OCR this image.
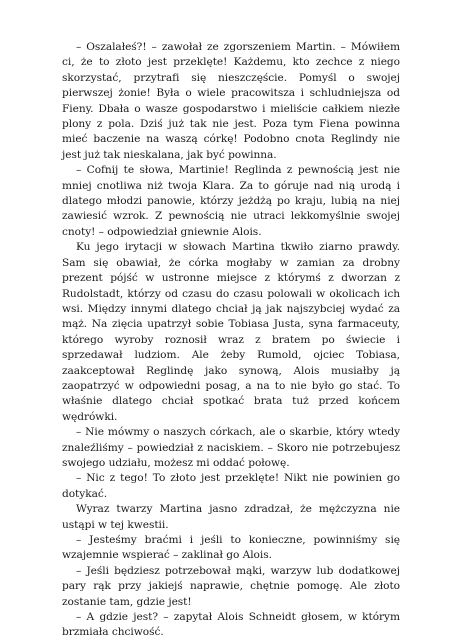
– Oszalałeś?! – zawołał ze zgorszeniem Martin. – Mówiłem ci, że to złoto jest przeklęte! Każdemu, kto zechce z niego skorzystać, przytrafi się nieszczęście. Pomyśl o swojej pierwszej żonie! Była o wiele pracowitsza i schludniejsza od Fieny. Dbała o wasze gospodarstwo i mieliście całkiem niezłe plony z pola. Dziś już tak nie jest. Poza tym Fiena powinna mieć baczenie na waszą córkę! Podobno cnota Reglindy nie jest już tak nieskalana, jak być powinna.

– Cofnij te słowa, Martinie! Reglinda z pewnością jest nie mniej cnotliwa niż twoja Klara. Za to góruje nad nią urodą i dlatego młodzi panowie, którzy jeżdżą po kraju, lubią na niej zawiesić wzrok. Z pewnością nie utraci lekkomyślnie swojej cnoty! – odpowiedział gniewnie Alois.

Ku jego irytacji w słowach Martina tkwiło ziarno prawdy. Sam się obawiał, że córka mogłaby w zamian za drobny prezent pójść w ustronne miejsce z którymś z dworzan z Rudolstadt, którzy od czasu do czasu polowali w okolicach ich wsi. Między innymi dlatego chciał ją jak najszybciej wydać za mąż. Na zięcia upatrzył sobie Tobiasa Justa, syna farmaceuty, którego wyroby roznosił wraz z bratem po świecie i sprzedawał ludziom. Ale żeby Rumold, ojciec Tobiasa, zaakceptował Reglindę jako synową, Alois musiałby ją zaopatrzyć w odpowiedni posag, a na to nie było go stać. To właśnie dlatego chciał spotkać brata tuż przed końcem wędrówki.

– Nie mówmy o naszych córkach, ale o skarbie, który wtedy znaleźliśmy – powiedział z naciskiem. – Skoro nie potrzebujesz swojego udziału, możesz mi oddać połowę.

– Nic z tego! To złoto jest przeklęte! Nikt nie powinien go dotykać.

Wyraz twarzy Martina jasno zdradzał, że mężczyzna nie ustąpi w tej kwestii.

– Jesteśmy braćmi i jeśli to konieczne, powinniśmy się wzajemnie wspierać – zaklinał go Alois.

– Jeśli będziesz potrzebował mąki, warzyw lub dodatkowej pary rąk przy jakiejś naprawie, chętnie pomogę. Ale złoto zostanie tam, gdzie jest!

– A gdzie jest? – zapytał Alois Schneidt głosem, w którym brzmiała chciwość.
